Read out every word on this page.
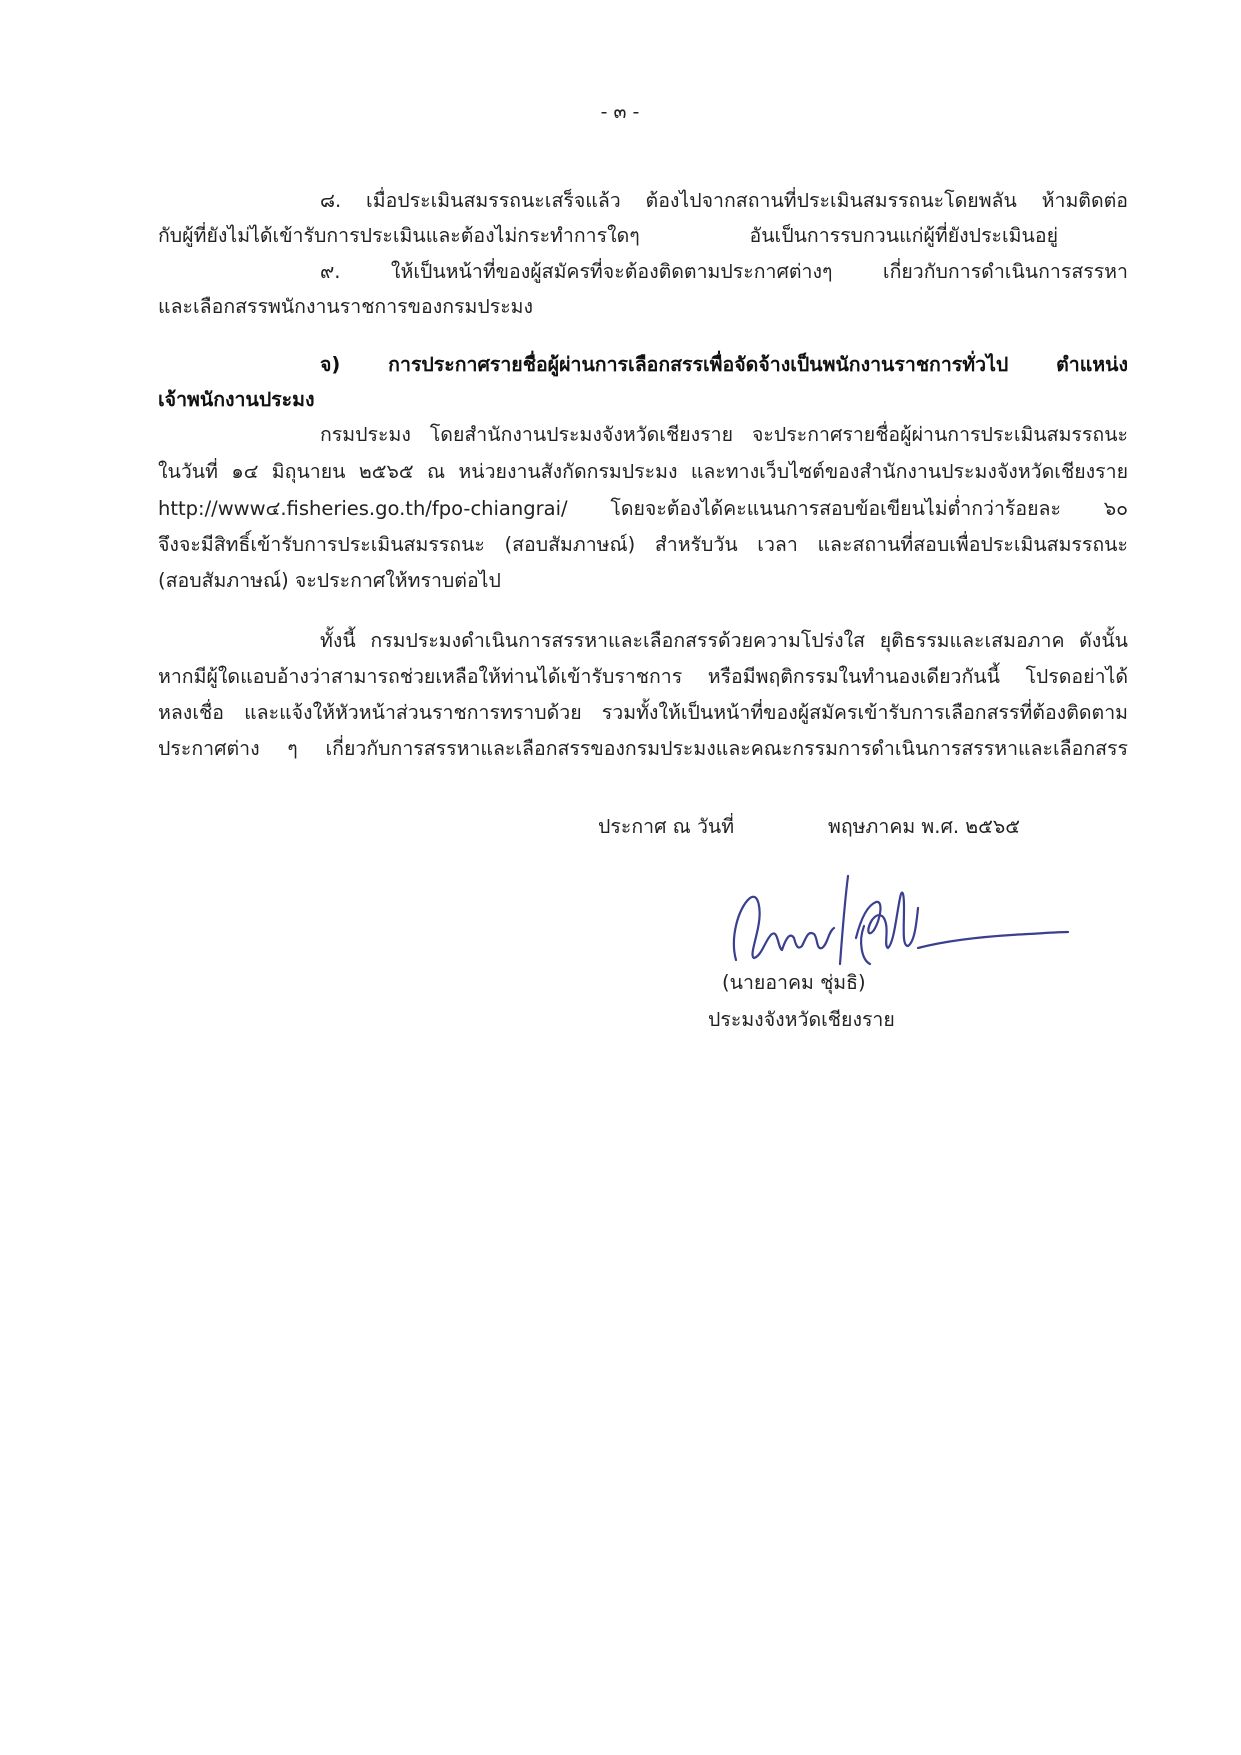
- ๓ -
๘. เมื่อประเมินสมรรถนะเสร็จแล้ว ต้องไปจากสถานที่ประเมินสมรรถนะโดยพลัน ห้ามติดต่อ
กับผู้ที่ยังไม่ได้เข้ารับการประเมินและต้องไม่กระทำการใดๆ อันเป็นการรบกวนแก่ผู้ที่ยังประเมินอยู่
๙. ให้เป็นหน้าที่ของผู้สมัครที่จะต้องติดตามประกาศต่างๆ เกี่ยวกับการดำเนินการสรรหา
และเลือกสรรพนักงานราชการของกรมประมง
จ) การประกาศรายชื่อผู้ผ่านการเลือกสรรเพื่อจัดจ้างเป็นพนักงานราชการทั่วไป ตำแหน่ง
เจ้าพนักงานประมง
กรมประมง โดยสำนักงานประมงจังหวัดเชียงราย จะประกาศรายชื่อผู้ผ่านการประเมินสมรรถนะ
ในวันที่ ๑๔ มิถุนายน ๒๕๖๕ ณ หน่วยงานสังกัดกรมประมง และทางเว็บไซต์ของสำนักงานประมงจังหวัดเชียงราย
http://www๔.fisheries.go.th/fpo-chiangrai/ โดยจะต้องได้คะแนนการสอบข้อเขียนไม่ต่ำกว่าร้อยละ ๖๐
จึงจะมีสิทธิ์เข้ารับการประเมินสมรรถนะ (สอบสัมภาษณ์) สำหรับวัน เวลา และสถานที่สอบเพื่อประเมินสมรรถนะ
(สอบสัมภาษณ์) จะประกาศให้ทราบต่อไป
ทั้งนี้ กรมประมงดำเนินการสรรหาและเลือกสรรด้วยความโปร่งใส ยุติธรรมและเสมอภาค ดังนั้น
หากมีผู้ใดแอบอ้างว่าสามารถช่วยเหลือให้ท่านได้เข้ารับราชการ หรือมีพฤติกรรมในทำนองเดียวกันนี้ โปรดอย่าได้
หลงเชื่อ และแจ้งให้หัวหน้าส่วนราชการทราบด้วย รวมทั้งให้เป็นหน้าที่ของผู้สมัครเข้ารับการเลือกสรรที่ต้องติดตาม
ประกาศต่าง ๆ เกี่ยวกับการสรรหาและเลือกสรรของกรมประมงและคณะกรรมการดำเนินการสรรหาและเลือกสรร
ประกาศ ณ วันที่	พฤษภาคม พ.ศ. ๒๕๖๕
(นายอาคม ชุ่มธิ)
ประมงจังหวัดเชียงราย
